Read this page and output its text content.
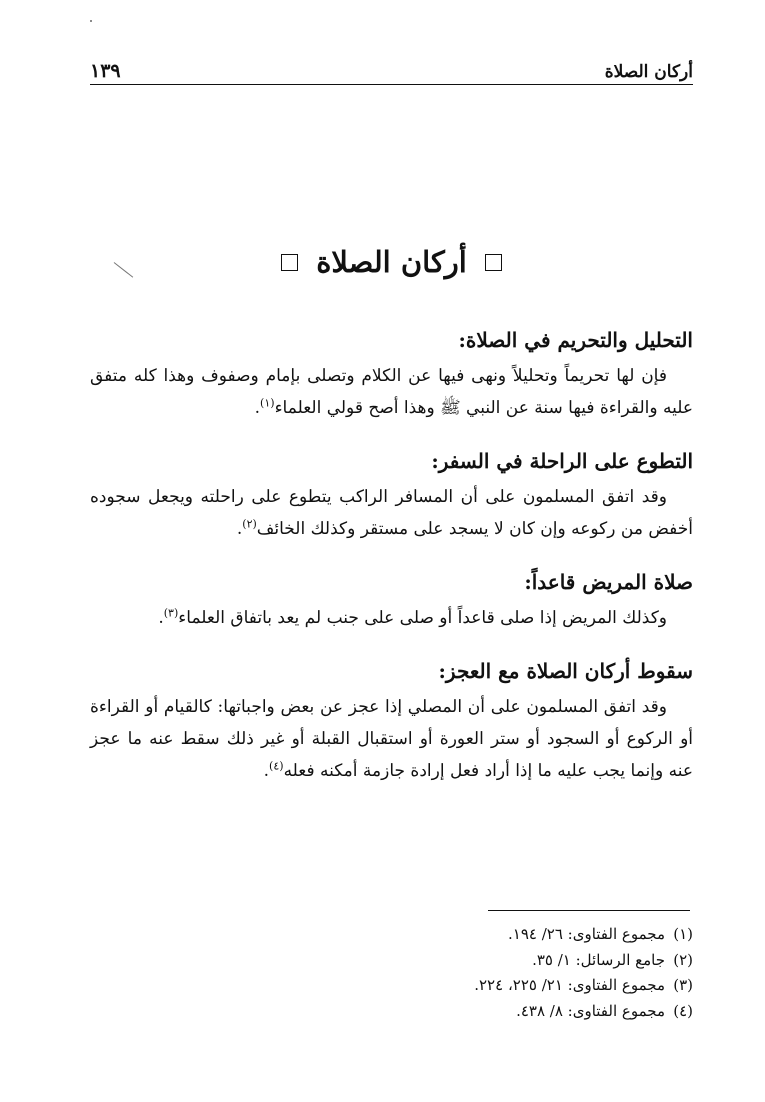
أركان الصلاة
١٣٩
أركان الصلاة
التحليل والتحريم في الصلاة:

فإن لها تحريماً وتحليلاً ونهى فيها عن الكلام وتصلى بإمام وصفوف وهذا كله متفق عليه والقراءة فيها سنة عن النبي ﷺ وهذا أصح قولي العلماء$^{(١)}$.

التطوع على الراحلة في السفر:

وقد اتفق المسلمون على أن المسافر الراكب يتطوع على راحلته ويجعل سجوده أخفض من ركوعه وإن كان لا يسجد على مستقر وكذلك الخائف$^{(٢)}$.

صلاة المريض قاعداً:

وكذلك المريض إذا صلى قاعداً أو صلى على جنب لم يعد باتفاق العلماء$^{(٣)}$.

سقوط أركان الصلاة مع العجز:

وقد اتفق المسلمون على أن المصلي إذا عجز عن بعض واجباتها: كالقيام أو القراءة أو الركوع أو السجود أو ستر العورة أو استقبال القبلة أو غير ذلك سقط عنه ما عجز عنه وإنما يجب عليه ما إذا أراد فعل إرادة جازمة أمكنه فعله$^{(٤)}$.

(١)
مجموع الفتاوى: ٢٦/ ١٩٤.
(٢)
جامع الرسائل: ١/ ٣٥.
(٣)
مجموع الفتاوى: ٢١/ ٢٢٥، ٢٢٤.
(٤)
مجموع الفتاوى: ٨/ ٤٣٨.
